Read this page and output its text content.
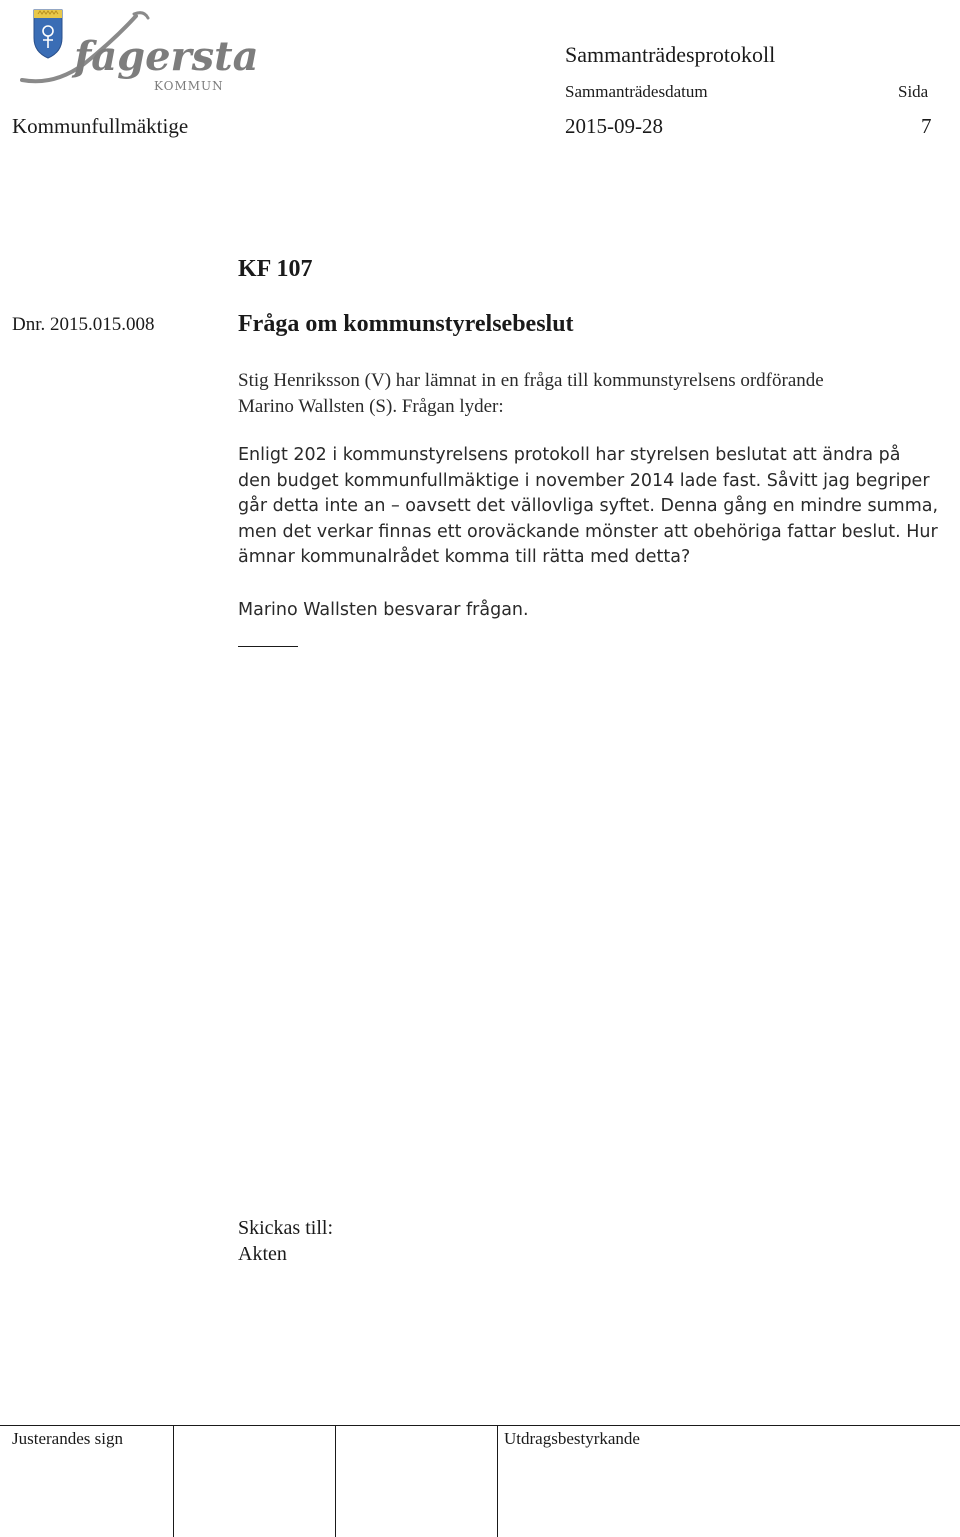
fagersta
KOMMUN
Sammanträdesprotokoll
Sammanträdesdatum	Sida
Kommunfullmäktige	2015-09-28	7
KF 107
Dnr. 2015.015.008	Fråga om kommunstyrelsebeslut
Stig Henriksson (V) har lämnat in en fråga till kommunstyrelsens ordförande
Marino Wallsten (S). Frågan lyder:
Enligt 202 i kommunstyrelsens protokoll har styrelsen beslutat att ändra på
den budget kommunfullmäktige i november 2014 lade fast. Såvitt jag begriper
går detta inte an – oavsett det vällovliga syftet. Denna gång en mindre summa,
men det verkar finnas ett oroväckande mönster att obehöriga fattar beslut. Hur
ämnar kommunalrådet komma till rätta med detta?
Marino Wallsten besvarar frågan.
Skickas till:
Akten
Justerandes sign	Utdragsbestyrkande
